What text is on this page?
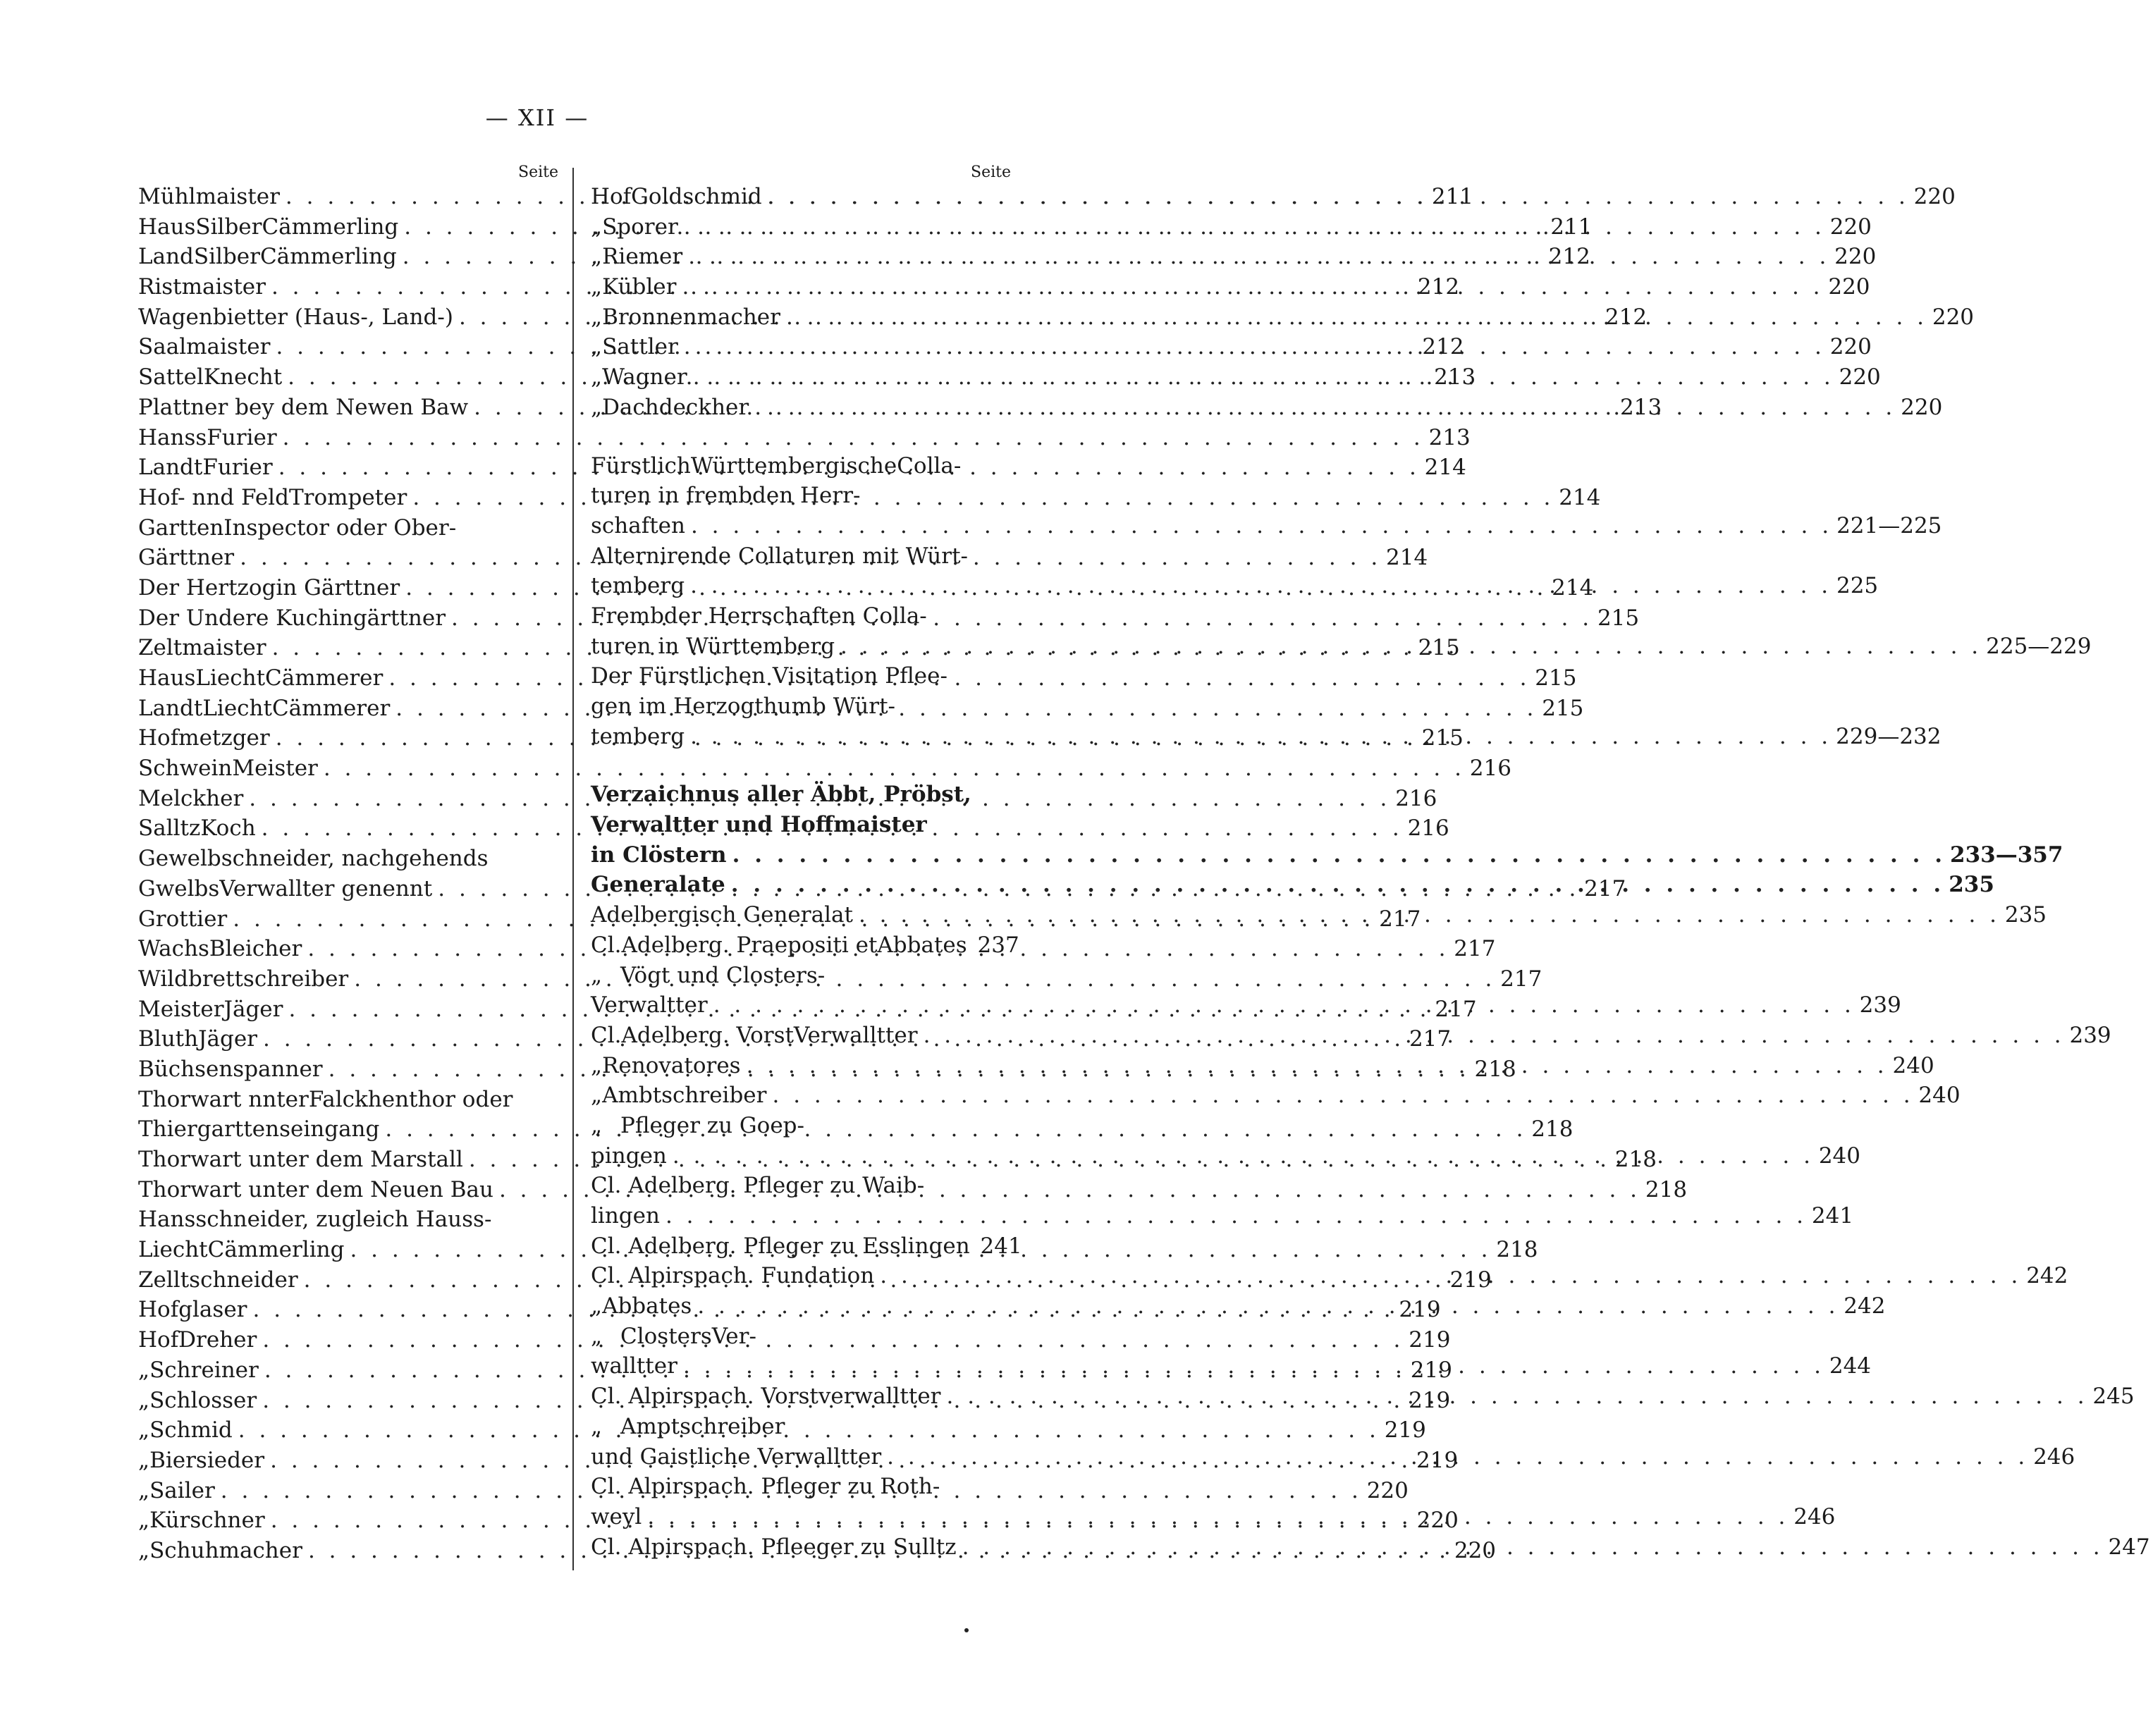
— XII —
Seite
Mühlmaister . . .	211
HausSilberCämmerling . . .	211
LandSilberCämmerling . . .	212
Ristmaister . . .	212
Wagenbietter (Haus-, Land-) . . .	212
Saalmaister . . .	212
SattelKnecht . . .	213
Plattner bey dem Newen Baw . . .	213
HanssFurier . . .	213
LandtFurier . . .	214
Hof- nnd FeldTrompeter . . .	214
GarttenInspector oder Ober-
Gärttner . . .	214
Der Hertzogin Gärttner . . .	214
Der Undere Kuchingärttner . . .	215
Zeltmaister . . .	215
HausLiechtCämmerer . . .	215
LandtLiechtCämmerer . . .	215
Hofmetzger . . .	215
SchweinMeister . . .	216
Melckher . . .	216
SalltzKoch . . .	216
Gewelbschneider, nachgehends
GwelbsVerwallter genennt . . .	217
Grottier . . .	217
WachsBleicher . . .	217
Wildbrettschreiber . . .	217
MeisterJäger . . .	217
BluthJäger . . .	217
Büchsenspanner . . .	218
Thorwart nnterFalckhenthor oder
Thiergarttenseingang . . .	218
Thorwart unter dem Marstall . . .	218
Thorwart unter dem Neuen Bau . . .	218
Hansschneider, zugleich Hauss-
LiechtCämmerling . . .	218
Zelltschneider . . .	219
Hofglaser . . .	219
HofDreher . . .	219
„ Schreiner . . .	219
„ Schlosser . . .	219
„ Schmid . . .	219
„ Biersieder . . .	219
„ Sailer . . .	220
„ Kürschner . . .	220
„ Schuhmacher . . .	220
Seite
HofGoldschmid . . .	220
„ Sporer . . .	220
„ Riemer . . .	220
„ Kübler . . .	220
„ Bronnenmacher . . .	220
„ Sattler . . .	220
„ Wagner . . .	220
„ Dachdeckher . . .	220
FürstlichWürttembergischeColla-
turen in frembden Herr-
schaften . . .	221—225
Alternirende Collaturen mit Würt-
temberg . . .	225
Frembder Herrschaften Colla-
turen in Württemberg . . .	225—229
Der Fürstlichen Visitation Pflee-
gen im Herzogthumb Würt-
temberg . . .	229—232
Verzaichnus aller Äbbt, Pröbst,
Verwaltter und Hoffmaister
in Clöstern . . .	233—357
Generalate . . .	235
Adelbergisch Generalat . . .	235
Cl.Adelberg. Praepositi etAbbates 237
„ Vögt und Closters-
Verwaltter . . .	239
Cl.Adelberg. VorstVerwalltter . . .	239
„ Renovatores . . .	240
„ Ambtschreiber . . .	240
„ Pfleger zu Goep-
pingen . . .	240
Cl. Adelberg. Pfleger zu Waib-
lingen . . .	241
Cl. Adelberg. Pfleger zu Esslingen 241
Cl. Alpirspach. Fundation . . .	242
„ Abbates . . .	242
„ ClostersVer-
walltter . . .	244
Cl. Alpirspach. Vorstverwalltter . . .	245
„ Amptschreiber
und Gaistliche Verwalltter . . .	246
Cl. Alpirspach. Pfleger zu Roth-
weyl . . .	246
Cl. Alpirspach. Pfleeger zu Sulltz . . .	247
